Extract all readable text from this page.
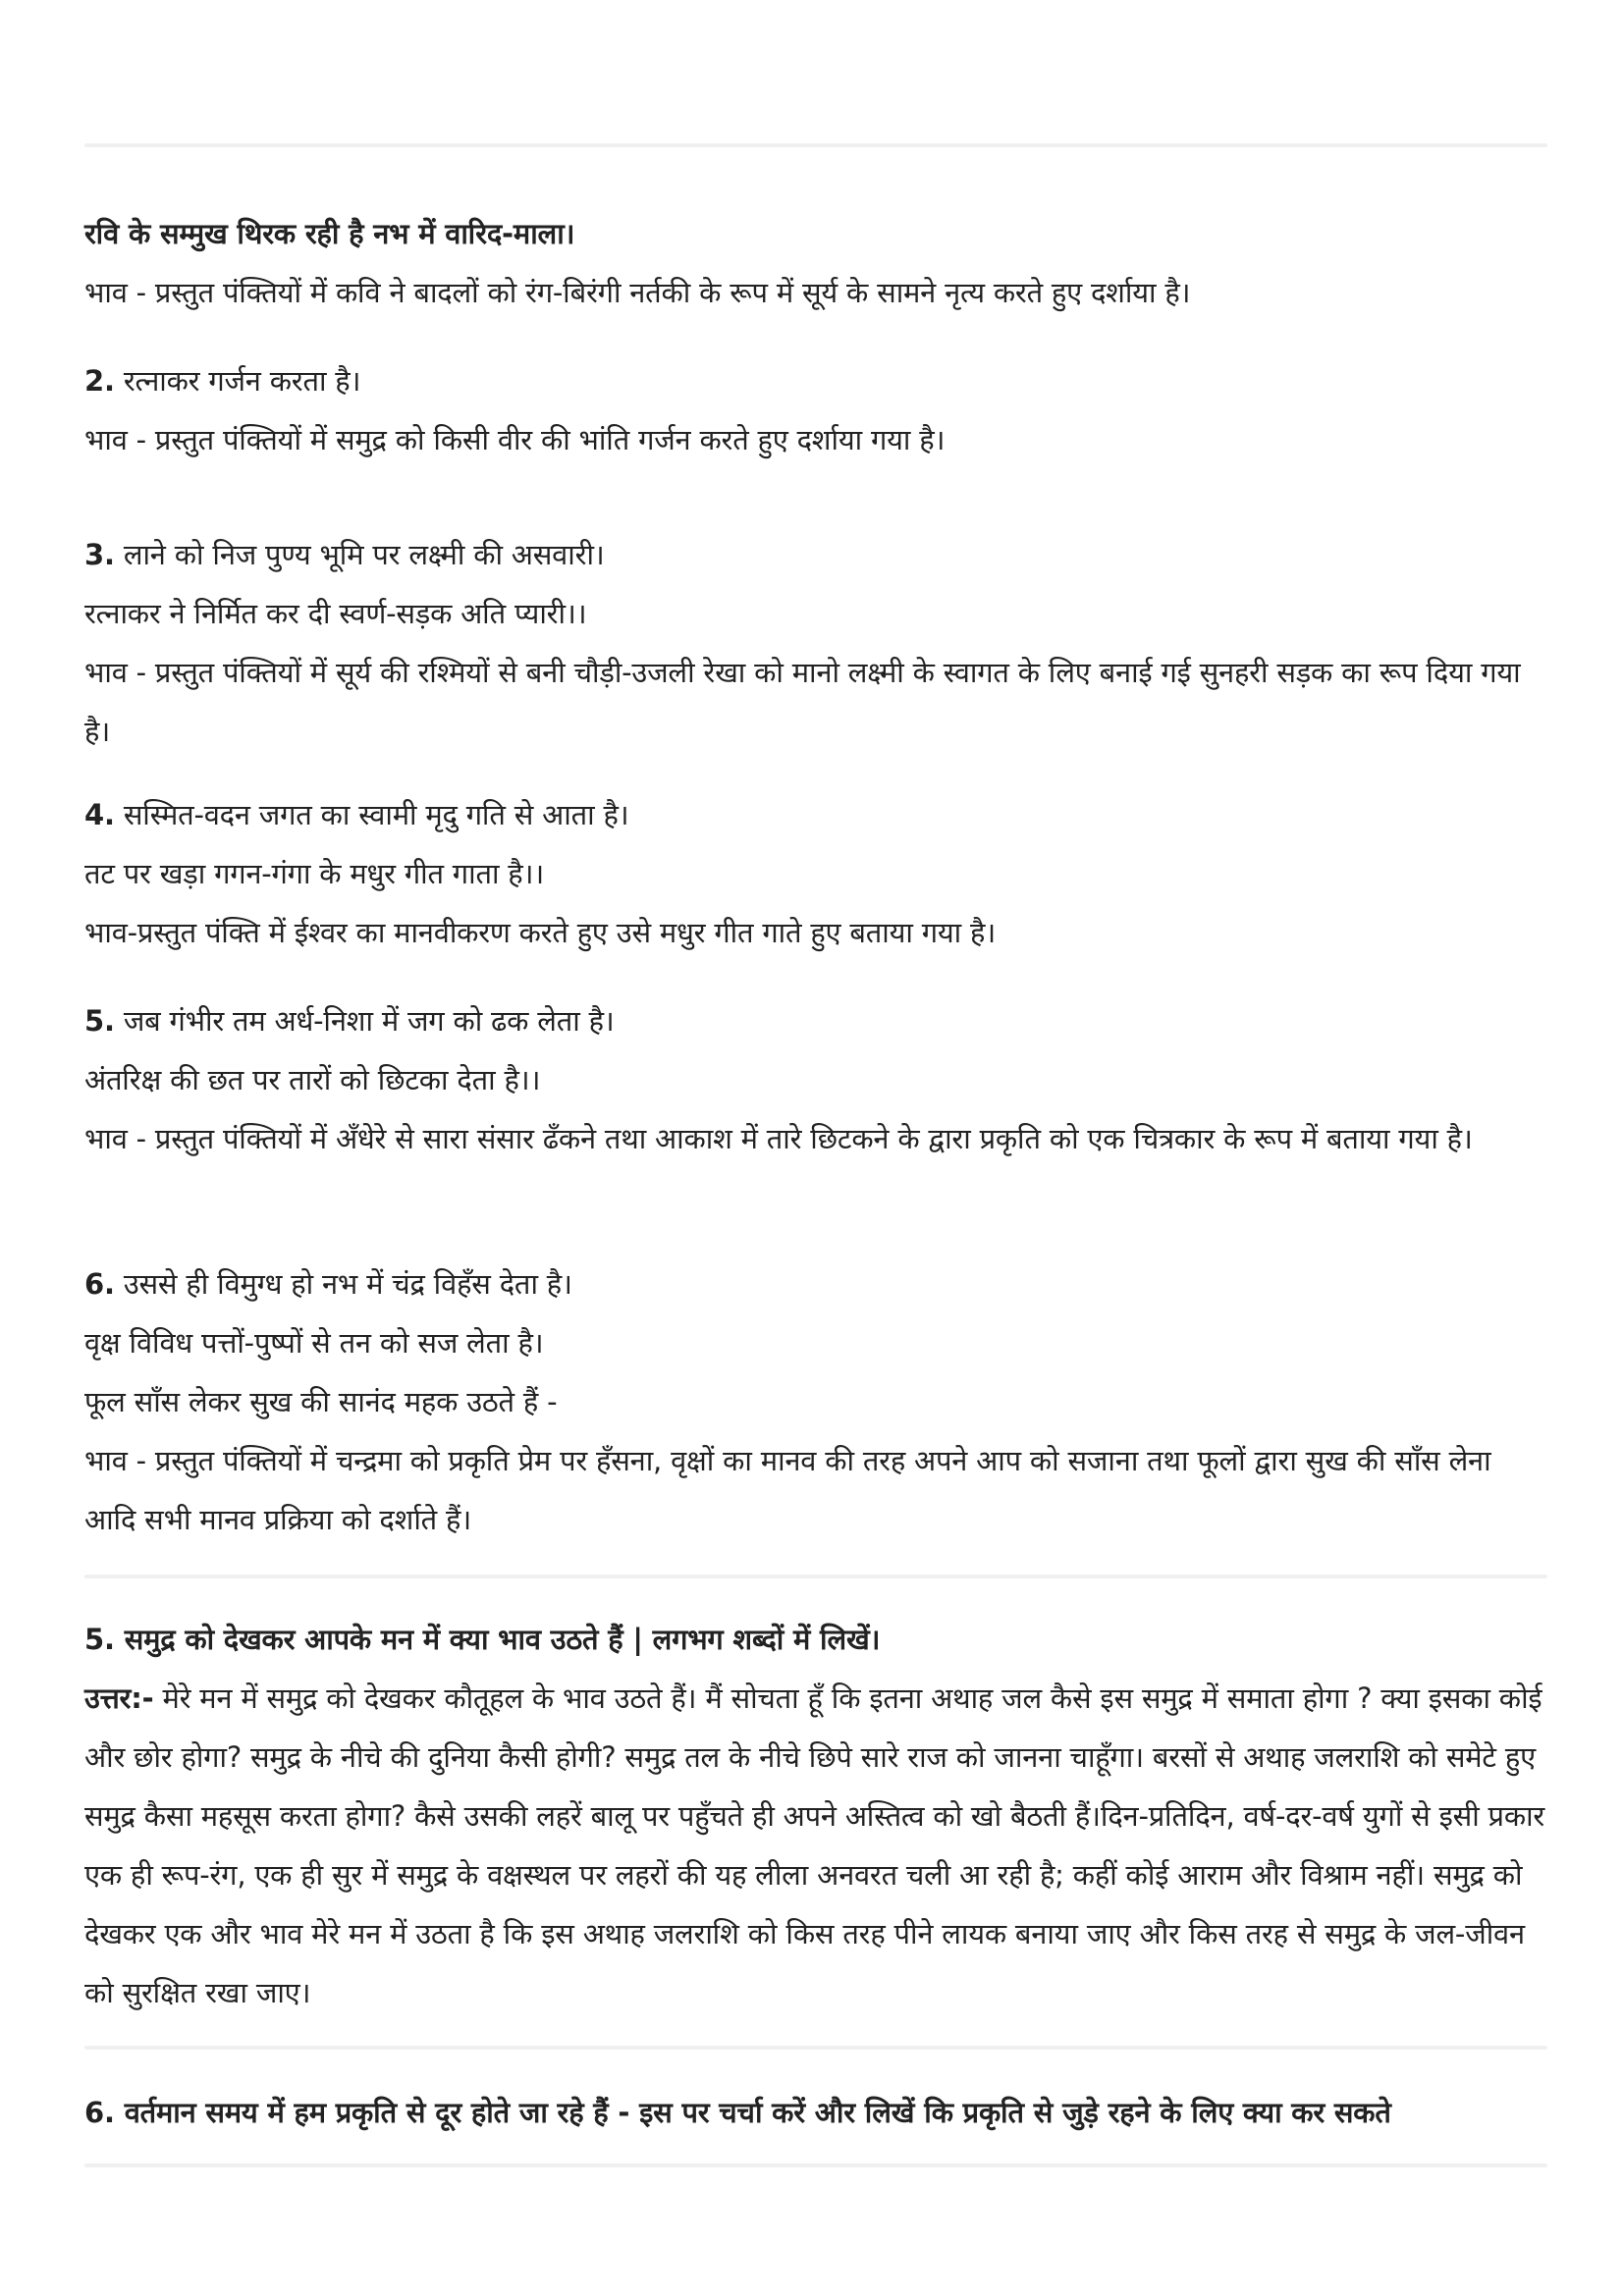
रवि के सम्मुख थिरक रही है नभ में वारिद-माला।
भाव - प्रस्तुत पंक्तियों में कवि ने बादलों को रंग-बिरंगी नर्तकी के रूप में सूर्य के सामने नृत्य करते हुए दर्शाया है।
2. रत्नाकर गर्जन करता है।
भाव - प्रस्तुत पंक्तियों में समुद्र को किसी वीर की भांति गर्जन करते हुए दर्शाया गया है।
3. लाने को निज पुण्य भूमि पर लक्ष्मी की असवारी।
रत्नाकर ने निर्मित कर दी स्वर्ण-सड़क अति प्यारी।।
भाव - प्रस्तुत पंक्तियों में सूर्य की रश्मियों से बनी चौड़ी-उजली रेखा को मानो लक्ष्मी के स्वागत के लिए बनाई गई सुनहरी सड़क का रूप दिया गया है।
4. सस्मित-वदन जगत का स्वामी मृदु गति से आता है।
तट पर खड़ा गगन-गंगा के मधुर गीत गाता है।।
भाव-प्रस्तुत पंक्ति में ईश्वर का मानवीकरण करते हुए उसे मधुर गीत गाते हुए बताया गया है।
5. जब गंभीर तम अर्ध-निशा में जग को ढक लेता है।
अंतरिक्ष की छत पर तारों को छिटका देता है।।
भाव - प्रस्तुत पंक्तियों में अँधेरे से सारा संसार ढँकने तथा आकाश में तारे छिटकने के द्वारा प्रकृति को एक चित्रकार के रूप में बताया गया है।
6. उससे ही विमुग्ध हो नभ में चंद्र विहँस देता है।
वृक्ष विविध पत्तों-पुष्पों से तन को सज लेता है।
फूल साँस लेकर सुख की सानंद महक उठते हैं -
भाव - प्रस्तुत पंक्तियों में चन्द्रमा को प्रकृति प्रेम पर हँसना, वृक्षों का मानव की तरह अपने आप को सजाना तथा फूलों द्वारा सुख की साँस लेना आदि सभी मानव प्रक्रिया को दर्शाते हैं।
5. समुद्र को देखकर आपके मन में क्या भाव उठते हैं | लगभग शब्दों में लिखें।
उत्तर:- मेरे मन में समुद्र को देखकर कौतूहल के भाव उठते हैं। मैं सोचता हूँ कि इतना अथाह जल कैसे इस समुद्र में समाता होगा ? क्या इसका कोई और छोर होगा? समुद्र के नीचे की दुनिया कैसी होगी? समुद्र तल के नीचे छिपे सारे राज को जानना चाहूँगा। बरसों से अथाह जलराशि को समेटे हुए समुद्र कैसा महसूस करता होगा? कैसे उसकी लहरें बालू पर पहुँचते ही अपने अस्तित्व को खो बैठती हैं।दिन-प्रतिदिन, वर्ष-दर-वर्ष युगों से इसी प्रकार एक ही रूप-रंग, एक ही सुर में समुद्र के वक्षस्थल पर लहरों की यह लीला अनवरत चली आ रही है; कहीं कोई आराम और विश्राम नहीं। समुद्र को देखकर एक और भाव मेरे मन में उठता है कि इस अथाह जलराशि को किस तरह पीने लायक बनाया जाए और किस तरह से समुद्र के जल-जीवन को सुरक्षित रखा जाए।
6. वर्तमान समय में हम प्रकृति से दूर होते जा रहे हैं - इस पर चर्चा करें और लिखें कि प्रकृति से जुड़े रहने के लिए क्या कर सकते
